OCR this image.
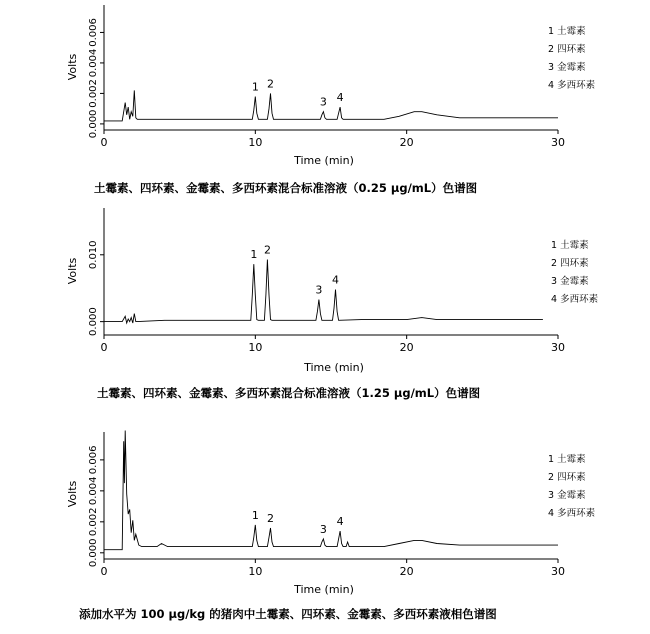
0	10	20	30
0.000
0.002
0.004
0.006
Volts
Time (min)
1 2
3 4
1 土霉素
2 四环素
3 金霉素
4 多西环素
0	10	20	30
0.000
0.010
Volts
Time (min)
1 2
3
4
1 土霉素
2 四环素
3 金霉素
4 多西环素
0	10	20	30
0.000
0.002
0.004
0.006
Volts
Time (min)
1 2
3
4
1 土霉素
2 四环素
3 金霉素
4 多西环素
土霉素、四环素、金霉素、多西环素混合标准溶液（0.25 μg/mL）色谱图
土霉素、四环素、金霉素、多西环素混合标准溶液（1.25 μg/mL）色谱图
添加水平为 100 μg/kg 的猪肉中土霉素、四环素、金霉素、多西环素液相色谱图
